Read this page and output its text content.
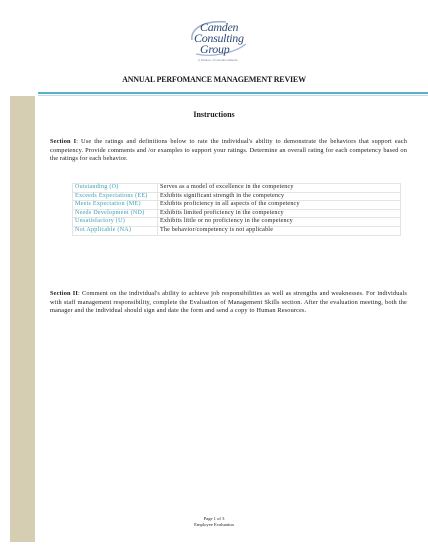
Camden
Consulting
Group
A Division of Camden Alliance
ANNUAL PERFOMANCE MANAGEMENT REVIEW
Instructions
Section I: Use the ratings and definitions below to rate the individual's ability to demonstrate the behaviors that support each competency. Provide comments and /or examples to support your ratings. Determine an overall rating for each competency based on the ratings for each behavior.
Outstanding (O)	Serves as a model of excellence in the competency
Exceeds Expectations (EE)	Exhibits significant strength in the competency
Meets Expectation (ME)	Exhibits proficiency in all aspects of the competency
Needs Development (ND)	Exhibits limited proficiency in the competency
Unsatisfactory (U)	Exhibits little or no proficiency in the competency
Not Applicable (NA)	The behavior/competency is not applicable
Section II: Comment on the individual's ability to achieve job responsibilities as well as strengths and weaknesses. For individuals with staff management responsibility, complete the Evaluation of Management Skills section. After the evaluation meeting, both the manager and the individual should sign and date the form and send a copy to Human Resources.
Page 1 of 3
Employee Evaluation
